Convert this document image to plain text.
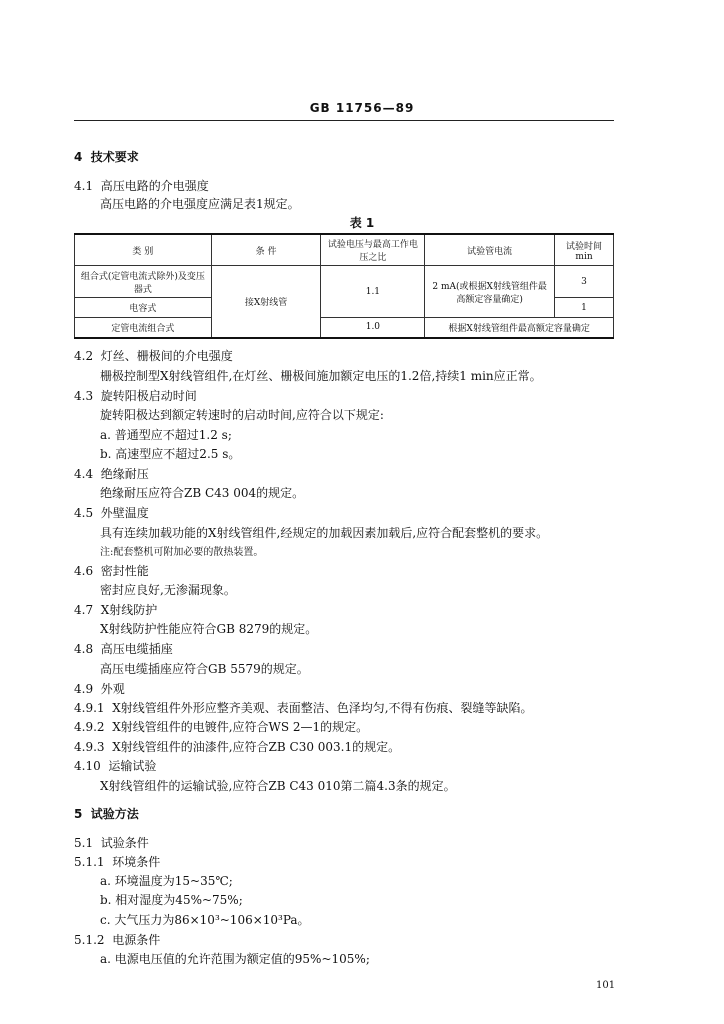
GB 11756—89
4 技术要求
4.1 高压电路的介电强度
高压电路的介电强度应满足表1规定。
表 1
类 别	条 件	试验电压与最高工作电压之比	试验管电流	试验时间
min
组合式(定管电流式除外)及变压器式	接X射线管	1.1	2 mA(或根据X射线管组件最高额定容量确定)	3
电容式				1
定管电流组合式		1.0	根据X射线管组件最高额定容量确定	
4.2 灯丝、栅极间的介电强度
栅极控制型X射线管组件,在灯丝、栅极间施加额定电压的1.2倍,持续1 min应正常。
4.3 旋转阳极启动时间
旋转阳极达到额定转速时的启动时间,应符合以下规定:
a. 普通型应不超过1.2 s;
b. 高速型应不超过2.5 s。
4.4 绝缘耐压
绝缘耐压应符合ZB C43 004的规定。
4.5 外壁温度
具有连续加载功能的X射线管组件,经规定的加载因素加载后,应符合配套整机的要求。
注:配套整机可附加必要的散热装置。
4.6 密封性能
密封应良好,无渗漏现象。
4.7 X射线防护
X射线防护性能应符合GB 8279的规定。
4.8 高压电缆插座
高压电缆插座应符合GB 5579的规定。
4.9 外观
4.9.1 X射线管组件外形应整齐美观、表面整洁、色泽均匀,不得有伤痕、裂缝等缺陷。
4.9.2 X射线管组件的电镀件,应符合WS 2—1的规定。
4.9.3 X射线管组件的油漆件,应符合ZB C30 003.1的规定。
4.10 运输试验
X射线管组件的运输试验,应符合ZB C43 010第二篇4.3条的规定。
5 试验方法
5.1 试验条件
5.1.1 环境条件
a. 环境温度为15~35℃;
b. 相对湿度为45%~75%;
c. 大气压力为86×10³~106×10³Pa。
5.1.2 电源条件
a. 电源电压值的允许范围为额定值的95%~105%;
101
